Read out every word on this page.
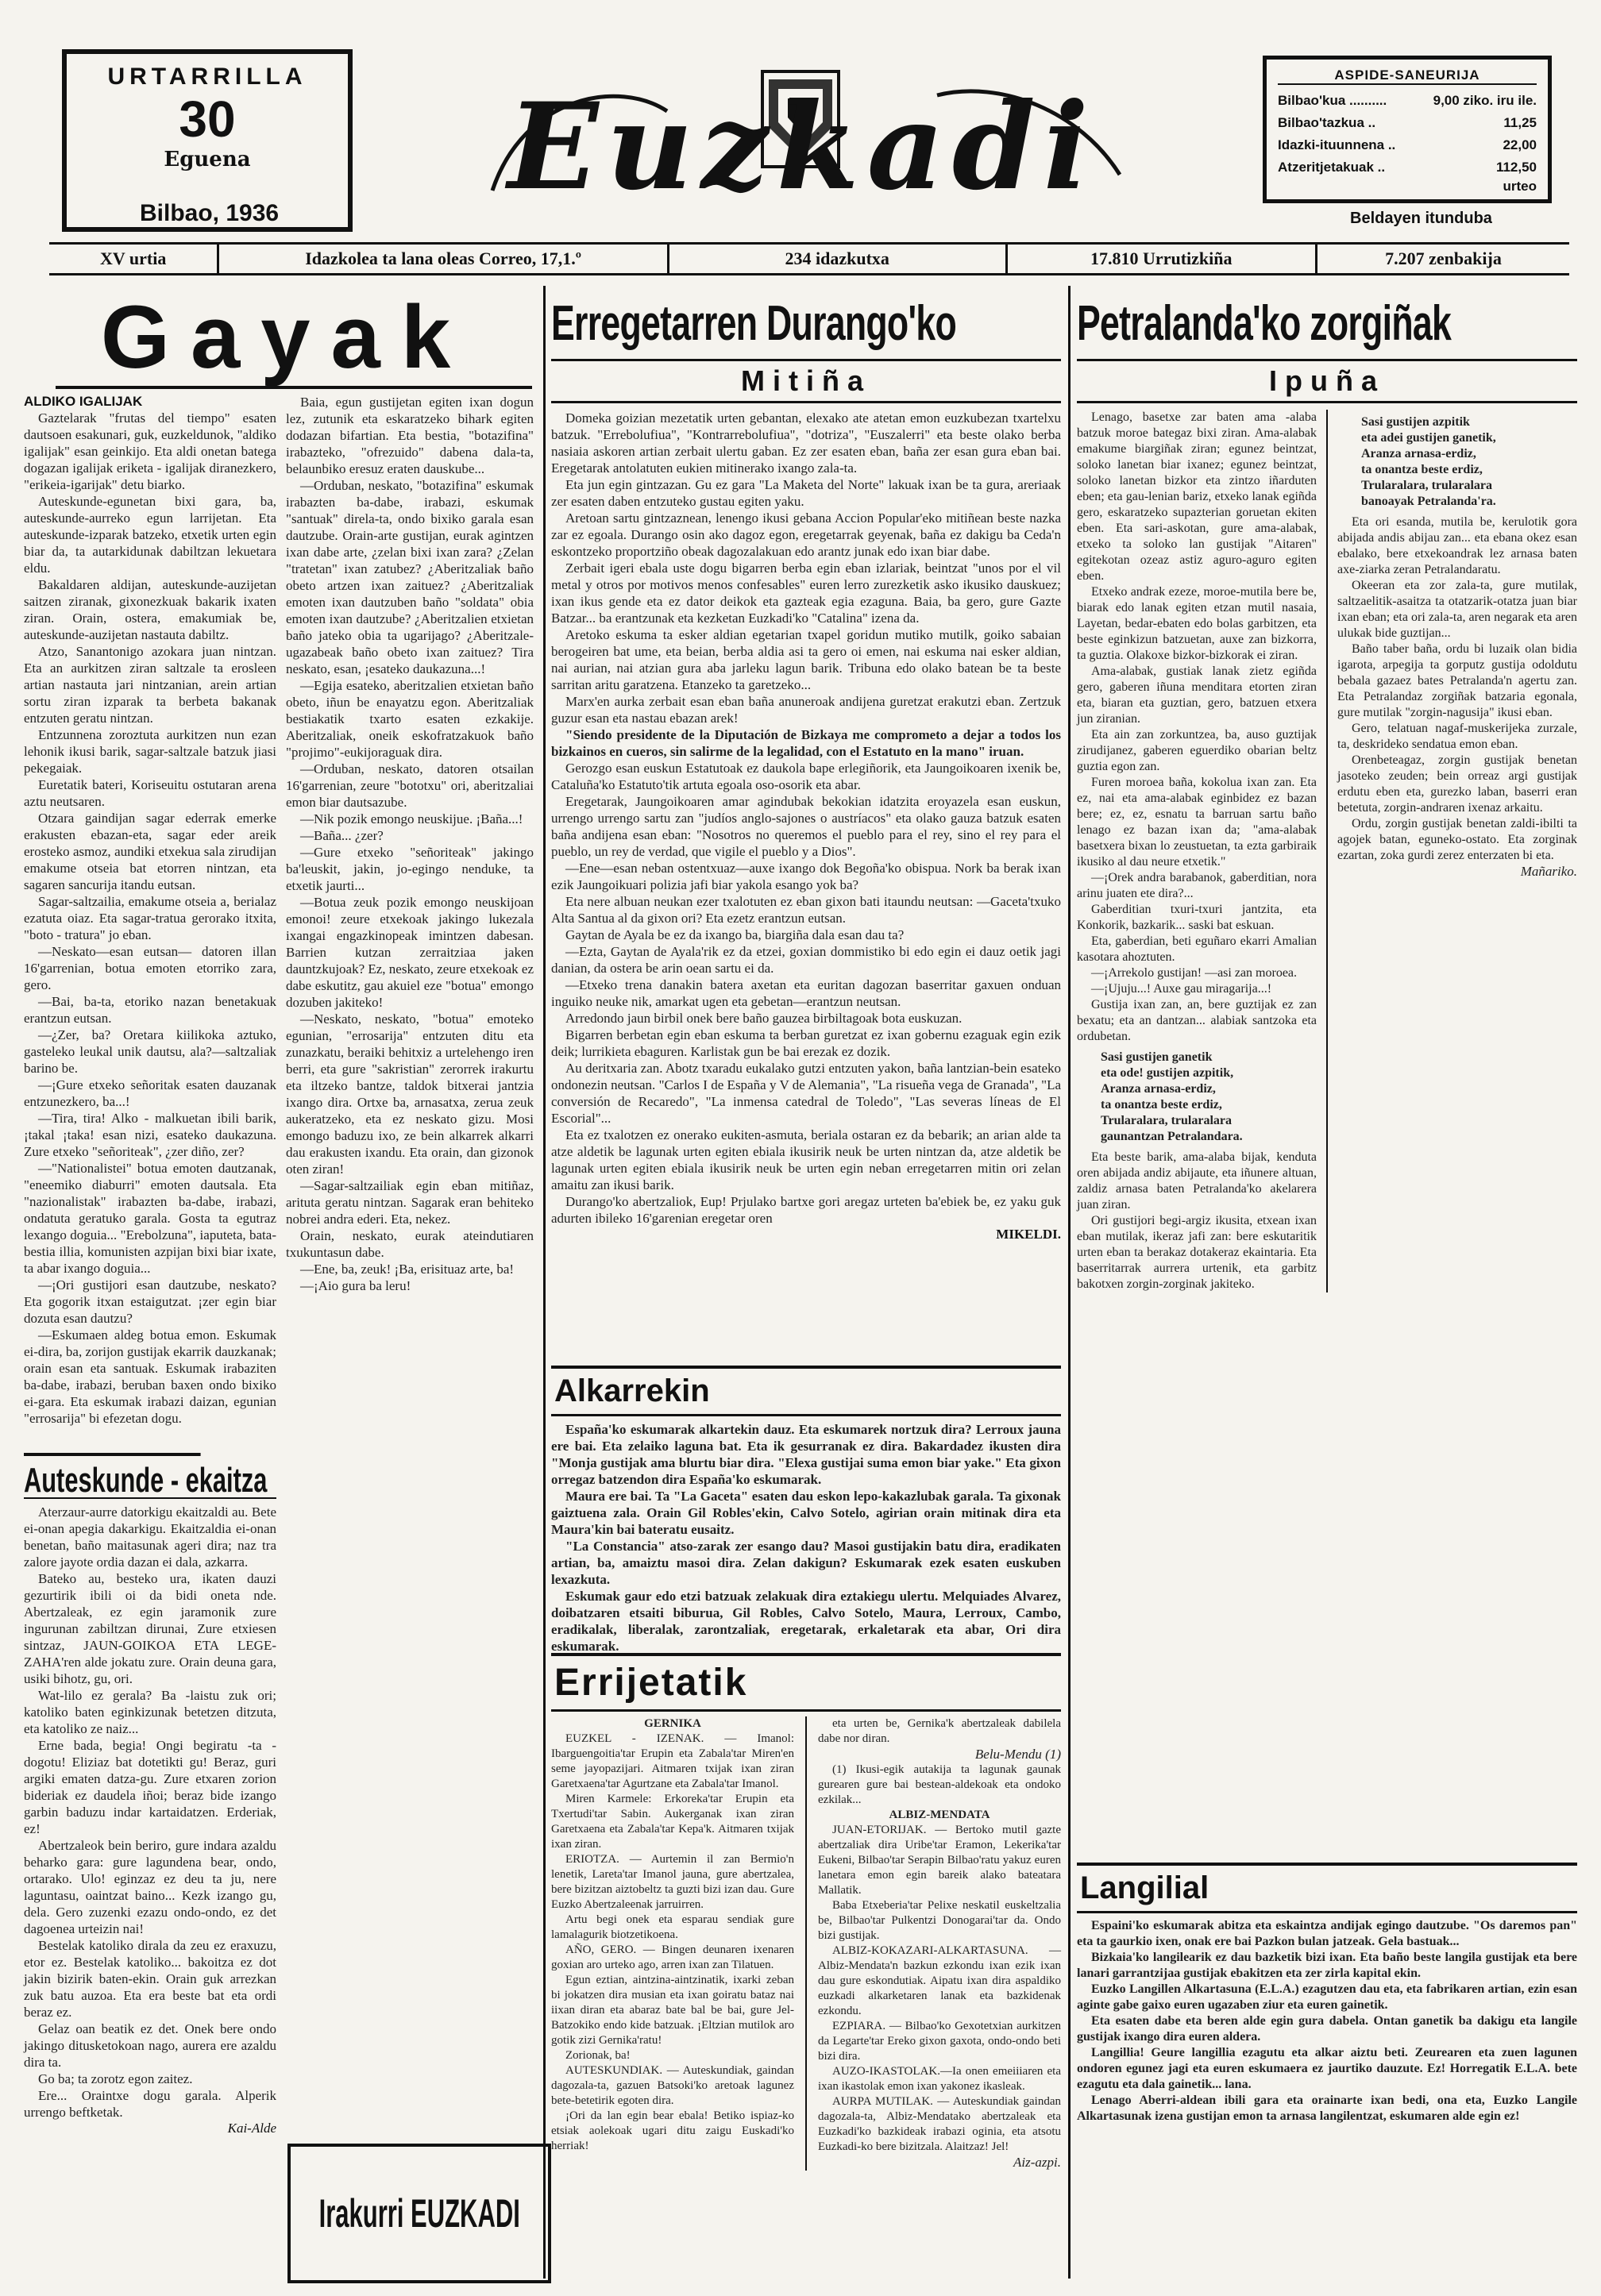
URTARRILLA
30
Eguena
Bilbao, 1936	Euzkadi
ASPIDE-SANEURIJA
Bilbao'kua ..........	9,00 ziko. iru ile.
Bilbao'tazkua ..	11,25
Idazki-ituunnena ..	22,00
Atzeritjetakuak ..	112,50
urteo
Beldayen itunduba
XV urtia	Idazkolea ta lana oleas Correo, 17,1.º	234 idazkutxa	17.810 Urrutizkiña	7.207 zenbakija
Gayak
ALDIKO IGALIJAK

Gaztelarak "frutas del tiempo" esaten dautsoen esakunari, guk, euzkeldunok, "aldiko igalijak" esan geinkijo. Eta aldi onetan batega dogazan igalijak eriketa - igalijak diranezkero, "erikeia-igarijak" detu biarko.

Auteskunde-egunetan bixi gara, ba, auteskunde-aurreko egun larrijetan. Eta auteskunde-izparak batzeko, etxetik urten egin biar da, ta autarkidunak dabiltzan lekuetara eldu.

Bakaldaren aldijan, auteskunde-auzijetan saitzen ziranak, gixonezkuak bakarik ixaten ziran. Orain, ostera, emakumiak be, auteskunde-auzijetan nastauta dabiltz.

Atzo, Sanantonigo azokara juan nintzan. Eta an aurkitzen ziran saltzale ta erosleen artian nastauta jari nintzanian, arein artian sortu ziran izparak ta berbeta bakanak entzuten geratu nintzan.

Entzunnena zoroztuta aurkitzen nun ezan lehonik ikusi barik, sagar-saltzale batzuk jiasi pekegaiak.

Euretatik bateri, Koriseuitu ostutaran arena aztu neutsaren.

Otzara gaindijan sagar ederrak emerke erakusten ebazan-eta, sagar eder areik erosteko asmoz, aundiki etxekua sala zirudijan emakume otseia bat etorren nintzan, eta sagaren sancurija itandu eutsan.

Sagar-saltzailia, emakume otseia a, berialaz ezatuta oiaz. Eta sagar-tratua gerorako itxita, "boto - tratura" jo eban.

—Neskato—esan eutsan— datoren illan 16'garrenian, botua emoten etorriko zara, gero.

—Bai, ba-ta, etoriko nazan benetakuak erantzun eutsan.

—¿Zer, ba? Oretara kiilikoka aztuko, gasteleko leukal unik dautsu, ala?—saltzaliak barino be.

—¡Gure etxeko señoritak esaten dauzanak entzunezkero, ba...!

—Tira, tira! Alko - malkuetan ibili barik, ¡takal ¡taka! esan nizi, esateko daukazuna. Zure etxeko "señoriteak", ¿zer diño, zer?

—"Nationalistei" botua emoten dautzanak, "eneemiko diaburri" emoten dautsala. Eta "nazionalistak" irabazten ba-dabe, irabazi, ondatuta geratuko garala. Gosta ta egutraz lexango doguia... "Erebolzuna", iaputeta, bata-bestia illia, komunisten azpijan bixi biar ixate, ta abar ixango doguia...

—¡Ori gustijori esan dautzube, neskato? Eta gogorik itxan estaigutzat. ¡zer egin biar dozuta esan dautzu?

—Eskumaen aldeg botua emon. Eskumak ei-dira, ba, zorijon gustijak ekarrik dauzkanak; orain esan eta santuak. Eskumak irabaziten ba-dabe, irabazi, beruban baxen ondo bixiko ei-gara. Eta eskumak irabazi daizan, egunian "errosarija" bi efezetan dogu.

Auteskunde - ekaitza

Aterzaur-aurre datorkigu ekaitzaldi au. Bete ei-onan apegia dakarkigu. Ekaitzaldia ei-onan benetan, baño maitasunak ageri dira; naz tra zalore jayote ordia dazan ei dala, azkarra.

Bateko au, besteko ura, ikaten dauzi gezurtirik ibili oi da bidi oneta nde. Abertzaleak, ez egin jaramonik zure ingurunan zabiltzan dirunai, Zure etxiesen sintzaz, JAUN-GOIKOA ETA LEGE-ZAHA'ren alde jokatu zure. Orain deuna gara, usiki bihotz, gu, ori.

Wat-lilo ez gerala? Ba -laistu zuk ori; katoliko baten eginkizunak betetzen ditzuta, eta katoliko ze naiz...

Erne bada, begia! Ongi begiratu -ta -dogotu! Eliziaz bat dotetikti gu! Beraz, guri argiki ematen datza-gu. Zure etxaren zorion bideriak ez daudela iñoi; beraz bide izango garbin baduzu indar kartaidatzen. Erderiak, ez!

Abertzaleok bein beriro, gure indara azaldu beharko gara: gure lagundena bear, ondo, ortarako. Ulo! eginzaz ez deu ta ju, nere laguntasu, oaintzat baino... Kezk izango gu, dela. Gero zuzenki ezazu ondo-ondo, ez det dagoenea urteizin nai!

Bestelak katoliko dirala da zeu ez eraxuzu, etor ez. Bestelak katoliko... bakoitza ez dot jakin bizirik baten-ekin. Orain guk arrezkan zuk batu auzoa. Eta era beste bat eta ordi beraz ez.

Gelaz oan beatik ez det. Onek bere ondo jakingo ditusketokoan nago, aurera ere azaldu dira ta.

Go ba; ta zorotz egon zaitez.

Ere... Oraintxe dogu garala. Alperik urrengo beftketak.

Kai-Alde

Baia, egun gustijetan egiten ixan dogun lez, zutunik eta eskaratzeko bihark egiten dodazan bifartian. Eta bestia, "botazifina" irabazteko, "ofrezuido" dabena dala-ta, belaunbiko eresuz eraten dauskube...

—Orduban, neskato, "botazifina" eskumak irabazten ba-dabe, irabazi, eskumak "santuak" direla-ta, ondo bixiko garala esan dautzube. Orain-arte gustijan, eurak agintzen ixan dabe arte, ¿zelan bixi ixan zara? ¿Zelan "tratetan" ixan zatubez? ¿Aberitzaliak baño obeto artzen ixan zaituez? ¿Aberitzaliak emoten ixan dautzuben baño "soldata" obia emoten ixan dautzube? ¿Aberitzalien etxietan baño jateko obia ta ugarijago? ¿Aberitzale-ugazabeak baño obeto ixan zaituez? Tira neskato, esan, ¡esateko daukazuna...!

—Egija esateko, aberitzalien etxietan baño obeto, iñun be enayatzu egon. Aberitzaliak bestiakatik txarto esaten ezkakije. Aberitzaliak, oneik eskofratzakuok baño "projimo"-eukijoraguak dira.

—Orduban, neskato, datoren otsailan 16'garrenian, zeure "bototxu" ori, aberitzaliai emon biar dautsazube.

—Nik pozik emongo neuskijue. ¡Baña...!

—Baña... ¿zer?

—Gure etxeko "señoriteak" jakingo ba'leuskit, jakin, jo-egingo nenduke, ta etxetik jaurti...

—Botua zeuk pozik emongo neuskijoan emonoi! zeure etxekoak jakingo lukezala ixangai engazkinopeak imintzen dabesan. Barrien kutzan zerraitziaa jaken dauntzkujoak? Ez, neskato, zeure etxekoak ez dabe eskutitz, gau akuiel eze "botua" emongo dozuben jakiteko!

—Neskato, neskato, "botua" emoteko egunian, "errosarija" entzuten ditu eta zunazkatu, beraiki behitxiz a urtelehengo iren berri, eta gure "sakristian" zerorrek irakurtu eta iltzeko bantze, taldok bitxerai jantzia ixango dira. Ortxe ba, arnasatxa, zerua zeuk aukeratzeko, eta ez neskato gizu. Mosi emongo baduzu ixo, ze bein alkarrek alkarri dau erakusten ixandu. Eta orain, dan gizonok oten ziran!

—Sagar-saltzailiak egin eban mitiñaz, arituta geratu nintzan. Sagarak eran behiteko nobrei andra ederi. Eta, nekez.

Orain, neskato, eurak ateindutiaren txukuntasun dabe.

—Ene, ba, zeuk! ¡Ba, erisituaz arte, ba!

—¡Aio gura ba leru!

Irakurri EUZKADI
Erregetarren Durango'ko
Mitiña

Domeka goizian mezetatik urten gebantan, elexako ate atetan emon euzkubezan txartelxu batzuk. "Errebolufiua", "Kontrarrebolufiua", "dotriza", "Euszalerri" eta beste olako berba nasiaia askoren artian zerbait ulertu gaban. Ez zer esaten eban, baña zer esan gura eban bai. Eregetarak antolatuten eukien mitinerako ixango zala-ta.

Eta jun egin gintzazan. Gu ez gara "La Maketa del Norte" lakuak ixan be ta gura, areriaak zer esaten daben entzuteko gustau egiten yaku.

Aretoan sartu gintzaznean, lenengo ikusi gebana Accion Popular'eko mitiñean beste nazka zar ez egoala. Durango osin ako dagoz egon, eregetarrak geyenak, baña ez dakigu ba Ceda'n eskontzeko proportziño obeak dagozalakuan edo arantz junak edo ixan biar dabe.

Zerbait igeri ebala uste dogu bigarren berba egin eban izlariak, beintzat "unos por el vil metal y otros por motivos menos confesables" euren lerro zurezketik asko ikusiko dauskuez; ixan ikus gende eta ez dator deikok eta gazteak egia ezaguna. Baia, ba gero, gure Gazte Batzar... ba erantzunak eta kezketan Euzkadi'ko "Catalina" izena da.

Aretoko eskuma ta esker aldian egetarian txapel goridun mutiko mutilk, goiko sabaian berogeiren bat ume, eta beian, berba aldia asi ta gero oi emen, nai eskuma nai esker aldian, nai aurian, nai atzian gura aba jarleku lagun barik. Tribuna edo olako batean be ta beste sarritan aritu garatzena. Etanzeko ta garetzeko...

Marx'en aurka zerbait esan eban baña anuneroak andijena guretzat erakutzi eban. Zertzuk guzur esan eta nastau ebazan arek!

"Siendo presidente de la Diputación de Bizkaya me comprometo a dejar a todos los bizkainos en cueros, sin salirme de la legalidad, con el Estatuto en la mano" iruan.

Gerozgo esan euskun Estatutoak ez daukola bape erlegiñorik, eta Jaungoikoaren ixenik be, Cataluña'ko Estatuto'tik artuta egoala oso-osorik eta abar.

Eregetarak, Jaungoikoaren amar agindubak bekokian idatzita eroyazela esan euskun, urrengo urrengo sartu zan "judíos anglo-sajones o austríacos" eta olako gauza batzuk esaten baña andijena esan eban: "Nosotros no queremos el pueblo para el rey, sino el rey para el pueblo, un rey de verdad, que vigile el pueblo y a Dios".

—Ene—esan neban ostentxuaz—auxe ixango dok Begoña'ko obispua. Nork ba berak ixan ezik Jaungoikuari polizia jafi biar yakola esango yok ba?

Eta nere albuan neukan ezer txalotuten ez eban gixon bati itaundu neutsan: —Gaceta'txuko Alta Santua al da gixon ori? Eta ezetz erantzun eutsan.

Gaytan de Ayala be ez da ixango ba, biargiña dala esan dau ta?

—Ezta, Gaytan de Ayala'rik ez da etzei, goxian dommistiko bi edo egin ei dauz oetik jagi danian, da ostera be arin oean sartu ei da.

—Etxeko trena danakin batera axetan eta euritan dagozan baserritar gaxuen onduan inguiko neuke nik, amarkat ugen eta gebetan—erantzun neutsan.

Arredondo jaun birbil onek bere baño gauzea birbiltagoak bota euskuzan.

Bigarren berbetan egin eban eskuma ta berban guretzat ez ixan gobernu ezaguak egin ezik deik; lurrikieta ebaguren. Karlistak gun be bai erezak ez dozik.

Au deritxaria zan. Abotz txaradu eukalako gutzi entzuten yakon, baña lantzian-bein esateko ondonezin neutsan. "Carlos I de España y V de Alemania", "La risueña vega de Granada", "La conversión de Recaredo", "La inmensa catedral de Toledo", "Las severas líneas de El Escorial"...

Eta ez txalotzen ez onerako eukiten-asmuta, beriala ostaran ez da bebarik; an arian alde ta atze aldetik be lagunak urten egiten ebiala ikusirik neuk be urten nintzan da, atze aldetik be lagunak urten egiten ebiala ikusirik neuk be urten egin neban erregetarren mitin ori zelan amaitu zan ikusi barik.

Durango'ko abertzaliok, Eup! Prjulako bartxe gori aregaz urteten ba'ebiek be, ez yaku guk adurten ibileko 16'garenian eregetar oren

MIKELDI.
Alkarrekin

España'ko eskumarak alkartekin dauz. Eta eskumarek nortzuk dira? Lerroux jauna ere bai. Eta zelaiko laguna bat. Eta ik gesurranak ez dira. Bakardadez ikusten dira "Monja gustijak ama blurtu biar dira. "Elexa gustijai suma emon biar yake." Eta gixon orregaz batzendon dira España'ko eskumarak.

Maura ere bai. Ta "La Gaceta" esaten dau eskon lepo-kakazlubak garala. Ta gixonak gaiztuena zala. Orain Gil Robles'ekin, Calvo Sotelo, agirian orain mitinak dira eta Maura'kin bai bateratu eusaitz.

"La Constancia" atso-zarak zer esango dau? Masoi gustijakin batu dira, eradikaten artian, ba, amaiztu masoi dira. Zelan dakigun? Eskumarak ezek esaten euskuben lexazkuta.

Eskumak gaur edo etzi batzuak zelakuak dira eztakiegu ulertu. Melquiades Alvarez, doibatzaren etsaiti biburua, Gil Robles, Calvo Sotelo, Maura, Lerroux, Cambo, eradikalak, liberalak, zarontzaliak, eregetarak, erkaletarak eta abar, Ori dira eskumarak.

Errijetatik

GERNIKA

EUZKEL - IZENAK. — Imanol: Ibarguengoitia'tar Erupin eta Zabala'tar Miren'en seme jayopazijari. Aitmaren txijak ixan ziran Garetxaena'tar Agurtzane eta Zabala'tar Imanol.

Miren Karmele: Erkoreka'tar Erupin eta Txertudi'tar Sabin. Aukerganak ixan ziran Garetxaena eta Zabala'tar Kepa'k. Aitmaren txijak ixan ziran.

ERIOTZA. — Aurtemin il zan Bermio'n lenetik, Lareta'tar Imanol jauna, gure abertzalea, bere bizitzan aiztobeltz ta guzti bizi izan dau. Gure Euzko Abertzaleenak jarruirren.

Artu begi onek eta esparau sendiak gure lamalagurik biotzetikoena.

AÑO, GERO. — Bingen deunaren ixenaren goxian aro urteko ago, arren ixan zan Tilatuen.

Egun eztian, aintzina-aintzinatik, ixarki zeban bi jokatzen dira musian eta ixan goiratu bataz nai iixan diran eta abaraz bate bal be bai, gure Jel-Batzokiko endo kide batzuak. ¡Eltzian mutilok aro gotik zizi Gernika'ratu!

Zorionak, ba!

AUTESKUNDIAK. — Auteskundiak, gaindan dagozala-ta, gazuen Batsoki'ko aretoak lagunez bete-betetirik egoten dira.

¡Ori da lan egin bear ebala! Betiko ispiaz-ko etsiak aolekoak ugari ditu zaigu Euskadi'ko herriak!

eta urten be, Gernika'k abertzaleak dabilela dabe nor diran.

Belu-Mendu (1)

(1) Ikusi-egik autakija ta lagunak gaunak gurearen gure bai bestean-aldekoak eta ondoko ezkilak...

ALBIZ-MENDATA

JUAN-ETORIJAK. — Bertoko mutil gazte abertzaliak dira Uribe'tar Eramon, Lekerika'tar Eukeni, Bilbao'tar Serapin Bilbao'ratu yakuz euren lanetara emon egin bareik alako bateatara Mallatik.

Baba Etxeberia'tar Pelixe neskatil euskeltzalia be, Bilbao'tar Pulkentzi Donogarai'tar da. Ondo bizi gustijak.

ALBIZ-KOKAZARI-ALKARTASUNA. — Albiz-Mendata'n bazkun ezkondu ixan ezik ixan dau gure eskondutiak. Aipatu ixan dira aspaldiko euzkadi alkarketaren lanak eta bazkidenak ezkondu.

EZPIARA. — Bilbao'ko Gexotetxian aurkitzen da Legarte'tar Ereko gixon gaxota, ondo-ondo beti bizi dira.

AUZO-IKASTOLAK.—Ia onen emeiiiaren eta ixan ikastolak emon ixan yakonez ikasleak.

AURPA MUTILAK. — Auteskundiak gaindan dagozala-ta, Albiz-Mendatako abertzaleak eta Euzkadi'ko bazkideak irabazi oginia, eta atsotu Euzkadi-ko bere bizitzala. Alaitzaz! Jel!

Aiz-azpi.

Petralanda'ko zorgiñak
Ipuña

Lenago, basetxe zar baten ama -alaba batzuk moroe bategaz bixi ziran. Ama-alabak emakume biargiñak ziran; egunez beintzat, soloko lanetan biar ixanez; egunez beintzat, soloko lanetan bizkor eta zintzo iñarduten eben; eta gau-lenian bariz, etxeko lanak egiñda gero, eskaratzeko supazterian goruetan ekiten eben. Eta sari-askotan, gure ama-alabak, etxeko ta soloko lan gustijak "Aitaren" egitekotan ozeaz astiz aguro-aguro egiten eben.

Etxeko andrak ezeze, moroe-mutila bere be, biarak edo lanak egiten etzan mutil nasaia, Layetan, bedar-ebaten edo bolas garbitzen, eta beste eginkizun batzuetan, auxe zan bizkorra, ta guztia. Olakoxe bizkor-bizkorak ei ziran.

Ama-alabak, gustiak lanak zietz egiñda gero, gaberen iñuna menditara etorten ziran eta, biaran eta guztian, gero, batzuen etxera jun ziranian.

Eta ain zan zorkuntzea, ba, auso guztijak zirudijanez, gaberen eguerdiko obarian beltz guztia egon zan.

Furen moroea baña, kokolua ixan zan. Eta ez, nai eta ama-alabak eginbidez ez bazan bere; ez, ez, esnatu ta barruan sartu baño lenago ez bazan ixan da; "ama-alabak basetxera bixan lo zeustuetan, ta ezta garbiraik ikusiko al dau neure etxetik."

—¡Orek andra barabanok, gaberditian, nora arinu juaten ete dira?...

Gaberditian txuri-txuri jantzita, eta Konkorik, bazkarik... saski bat eskuan.

Eta, gaberdian, beti eguñaro ekarri Amalian kasotara ahoztuten.

—¡Arrekolo gustijan! —asi zan moroea.

—¡Ujuju...! Auxe gau miragarija...!

Gustija ixan zan, an, bere guztijak ez zan bexatu; eta an dantzan... alabiak santzoka eta ordubetan.

Sasi gustijen ganetik
eta ode! gustijen azpitik,
Aranza arnasa-erdiz,
ta onantza beste erdiz,
Trularalara, trularalara
gaunantzan Petralandara.

Eta beste barik, ama-alaba bijak, kenduta oren abijada andiz abijaute, eta iñunere altuan, zaldiz arnasa baten Petralanda'ko akelarera juan ziran.

Ori gustijori begi-argiz ikusita, etxean ixan eban mutilak, ikeraz jafi zan: bere eskutaritik urten eban ta berakaz dotakeraz ekaintaria. Eta baserritarrak aurrera urtenik, eta garbitz bakotxen zorgin-zorginak jakiteko.

Sasi gustijen azpitik
eta adei gustijen ganetik,
Aranza arnasa-erdiz,
ta onantza beste erdiz,
Trularalara, trularalara
banoayak Petralanda'ra.

Eta ori esanda, mutila be, kerulotik gora abijada andis abijau zan... eta ebana okez esan ebalako, bere etxekoandrak lez arnasa baten axe-ziarka zeran Petralandaratu.

Okeeran eta zor zala-ta, gure mutilak, saltzaelitik-asaitza ta otatzarik-otatza juan biar ixan eban; eta ori zala-ta, aren negarak eta aren ulukak bide guztijan...

Baño taber baña, ordu bi luzaik olan bidia igarota, arpegija ta gorputz gustija odoldutu bebala gazaez bates Petralanda'n agertu zan. Eta Petralandaz zorgiñak batzaria egonala, gure mutilak "zorgin-nagusija" ikusi eban.

Gero, telatuan nagaf-muskerijeka zurzale, ta, deskrideko sendatua emon eban.

Orenbeteagaz, zorgin gustijak benetan jasoteko zeuden; bein orreaz argi gustijak erdutu eben eta, gurezko laban, baserri eran betetuta, zorgin-andraren ixenaz arkaitu.

Ordu, zorgin gustijak benetan zaldi-ibilti ta agojek batan, eguneko-ostato. Eta zorginak ezartan, zoka gurdi zerez enterzaten bi eta.

Mañariko.
Langilial

Espaini'ko eskumarak abitza eta eskaintza andijak egingo dautzube. "Os daremos pan" eta ta gaurkio ixen, onak ere bai Pazkon bulan jatzeak. Gela bastuak...

Bizkaia'ko langilearik ez dau bazketik bizi ixan. Eta baño beste langila gustijak eta bere lanari garrantzijaa gustijak ebakitzen eta zer zirla kapital ekin.

Euzko Langillen Alkartasuna (E.L.A.) ezagutzen dau eta, eta fabrikaren artian, ezin esan aginte gabe gaixo euren ugazaben ziur eta euren gainetik.

Eta esaten dabe eta beren alde egin gura dabela. Ontan ganetik ba dakigu eta langile gustijak ixango dira euren aldera.

Langillia! Geure langillia ezagutu eta alkar aiztu beti. Zeurearen eta zuen lagunen ondoren egunez jagi eta euren eskumaera ez jaurtiko dauzute. Ez! Horregatik E.L.A. bete ezagutu eta dala gainetik... lana.

Lenago Aberri-aldean ibili gara eta orainarte ixan bedi, ona eta, Euzko Langile Alkartasunak izena gustijan emon ta arnasa langilentzat, eskumaren alde egin ez!
